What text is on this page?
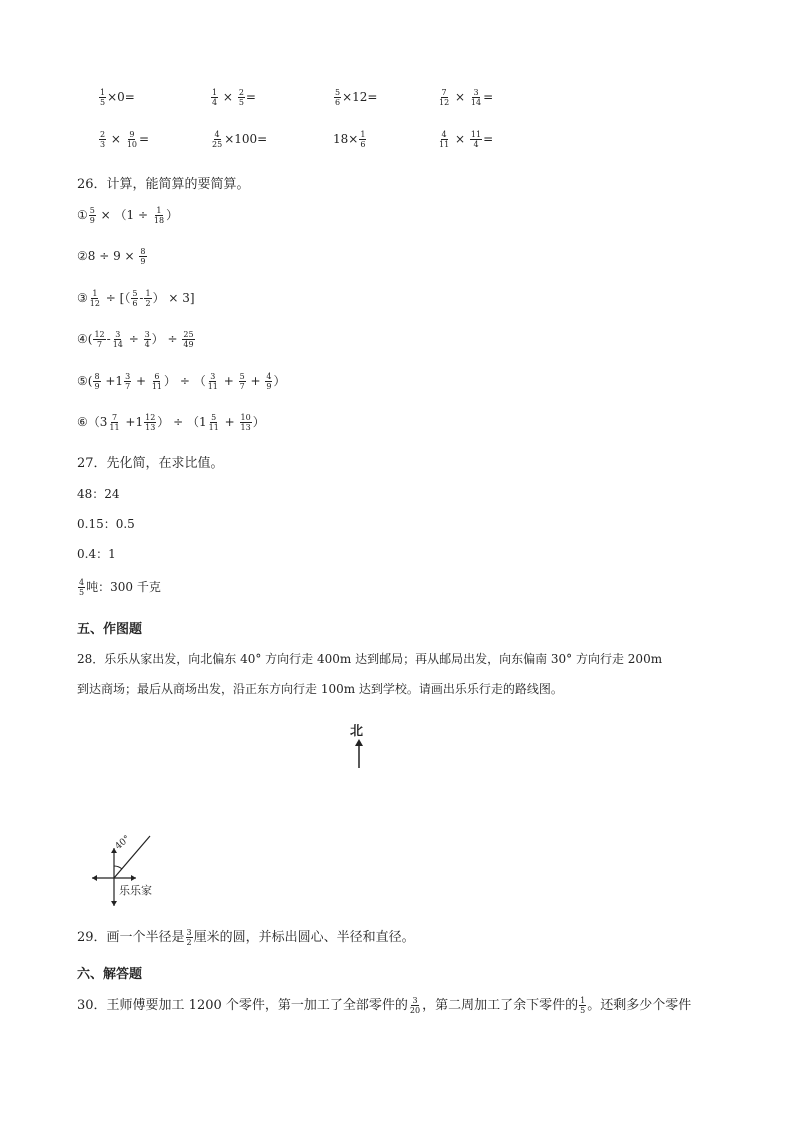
$\frac{1}{5} \times 0=$	$\frac{1}{4} \times \frac{2}{5}$ =	$\frac{5}{6} \times 12=$	$\frac{7}{12} \times \frac{3}{14}$ =
$\frac{2}{3} \times \frac{9}{10}$ =	$\frac{4}{25} \times 100=$	$18\times \frac{1}{6}$	$\frac{4}{11} \times \frac{11}{4}$ =
26．计算，能简算的要简算。
① $\frac{5}{9} \times (1 \div \frac{1}{18}$ ）
②8 ÷ $9 \times \frac{8}{9}$
③ $\frac{1}{12}$ ÷ [（ $\frac{5}{6} - \frac{1}{2}$ ） × 3]
④( $\frac{12}{7} - \frac{3}{14} \div \frac{3}{4}$ ） ÷ $\frac{25}{49}$
⑤( $\frac{8}{9} +1 \frac{3}{7} + \frac{6}{11}$ ） ÷ （ $\frac{3}{11} + \frac{5}{7} + \frac{4}{9}$ ）
⑥（3 $\frac{7}{11} +1 \frac{12}{13}$ ） ÷ （$1 \frac{5}{11} + \frac{10}{13}$ ）
27．先化简，在求比值。
48：24
0.15：0.5
0.4：1
$\frac{4}{5}$ 吨：300 千克
五、作图题
28．乐乐从家出发，向北偏东 40° 方向行走 400m 达到邮局；再从邮局出发，向东偏南 30° 方向行走 200m
到达商场；最后从商场出发，沿正东方向行走 100m 达到学校。请画出乐乐行走的路线图。
北
40°
乐乐家
29．画一个半径是 $\frac{3}{2}$ 厘米的圆，并标出圆心、半径和直径。
六、解答题
30．王师傅要加工 1200 个零件，第一加工了全部零件的 $\frac{3}{20}$ ，第二周加工了余下零件的 $\frac{1}{5}$ 。还剩多少个零件
